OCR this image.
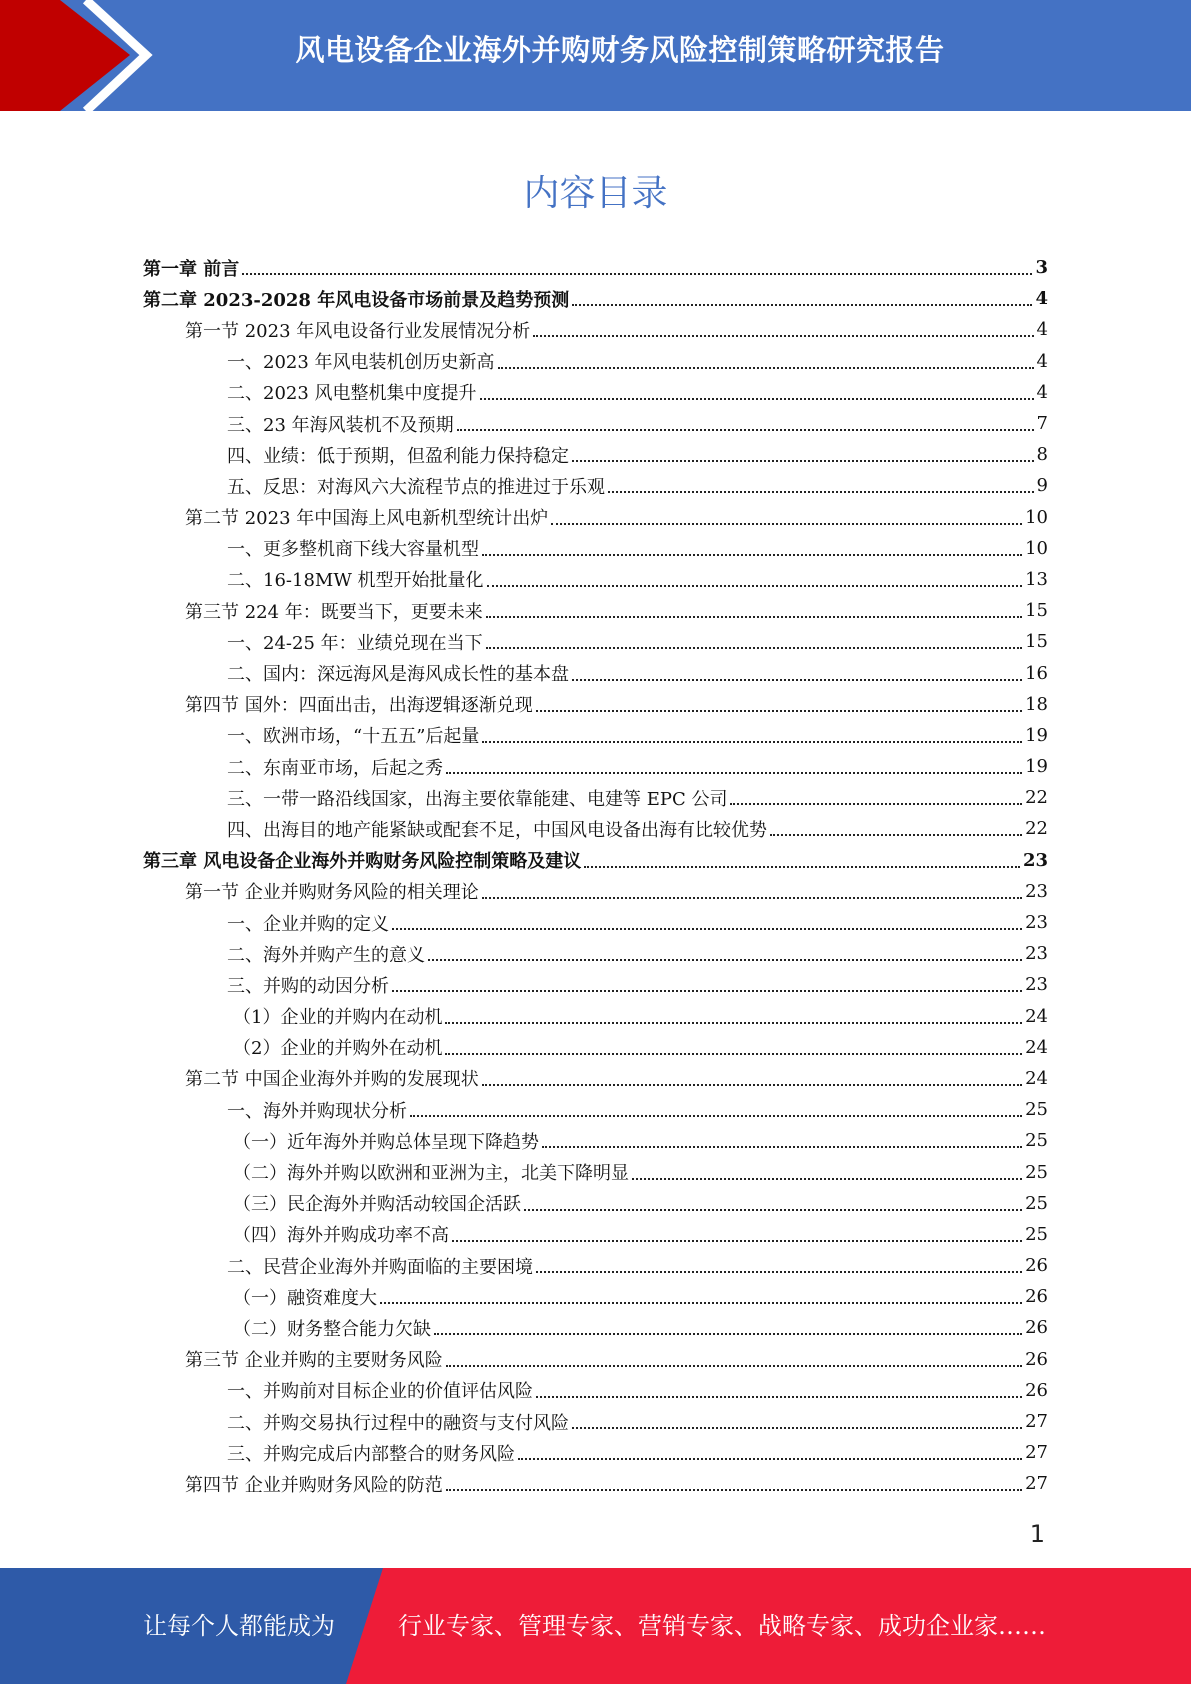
风电设备企业海外并购财务风险控制策略研究报告
内容目录
第一章 前言	3
第二章 2023-2028 年风电设备市场前景及趋势预测	4
第一节 2023 年风电设备行业发展情况分析	4
一、2023 年风电装机创历史新高	4
二、2023 风电整机集中度提升	4
三、23 年海风装机不及预期	7
四、业绩：低于预期，但盈利能力保持稳定	8
五、反思：对海风六大流程节点的推进过于乐观	9
第二节 2023 年中国海上风电新机型统计出炉	10
一、更多整机商下线大容量机型	10
二、16-18MW 机型开始批量化	13
第三节 224 年：既要当下，更要未来	15
一、24-25 年：业绩兑现在当下	15
二、国内：深远海风是海风成长性的基本盘	16
第四节 国外：四面出击，出海逻辑逐渐兑现	18
一、欧洲市场，“十五五”后起量	19
二、东南亚市场，后起之秀	19
三、一带一路沿线国家，出海主要依靠能建、电建等 EPC 公司	22
四、出海目的地产能紧缺或配套不足，中国风电设备出海有比较优势	22
第三章 风电设备企业海外并购财务风险控制策略及建议	23
第一节 企业并购财务风险的相关理论	23
一、企业并购的定义	23
二、海外并购产生的意义	23
三、并购的动因分析	23
（1）企业的并购内在动机	24
（2）企业的并购外在动机	24
第二节 中国企业海外并购的发展现状	24
一、海外并购现状分析	25
（一）近年海外并购总体呈现下降趋势	25
（二）海外并购以欧洲和亚洲为主，北美下降明显	25
（三）民企海外并购活动较国企活跃	25
（四）海外并购成功率不高	25
二、民营企业海外并购面临的主要困境	26
（一）融资难度大	26
（二）财务整合能力欠缺	26
第三节 企业并购的主要财务风险	26
一、并购前对目标企业的价值评估风险	26
二、并购交易执行过程中的融资与支付风险	27
三、并购完成后内部整合的财务风险	27
第四节 企业并购财务风险的防范	27
1
让每个人都能成为	行业专家、管理专家、营销专家、战略专家、成功企业家……
